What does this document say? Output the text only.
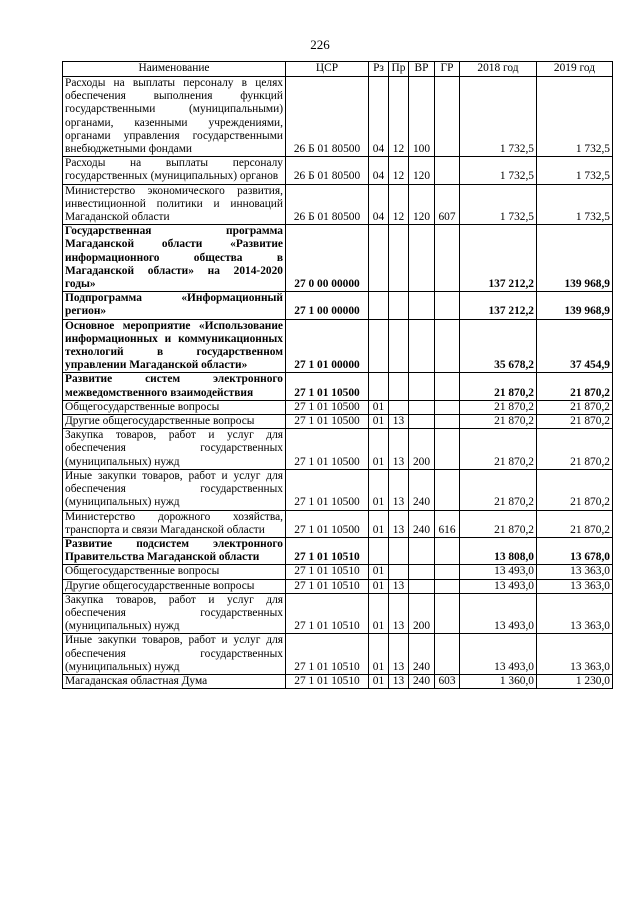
226
Наименование	ЦСР	Рз	Пр	ВР	ГР	2018 год	2019 год
Расходы на выплаты персоналу в целях обеспечения выполнения функций государственными (муниципальными) органами, казенными учреждениями, органами управления государственными внебюджетными фондами	26 Б 01 80500	04	12	100		1 732,5	1 732,5
Расходы на выплаты персоналу государственных (муниципальных) органов	26 Б 01 80500	04	12	120		1 732,5	1 732,5
Министерство экономического развития, инвестиционной политики и инноваций Магаданской области	26 Б 01 80500	04	12	120	607	1 732,5	1 732,5
Государственная программа Магаданской области «Развитие информационного общества в Магаданской области» на 2014-2020 годы»	27 0 00 00000					137 212,2	139 968,9
Подпрограмма «Информационный регион»	27 1 00 00000					137 212,2	139 968,9
Основное мероприятие «Использование информационных и коммуникационных технологий в государственном управлении Магаданской области»	27 1 01 00000					35 678,2	37 454,9
Развитие систем электронного межведомственного взаимодействия	27 1 01 10500					21 870,2	21 870,2
Общегосударственные вопросы	27 1 01 10500	01				21 870,2	21 870,2
Другие общегосударственные вопросы	27 1 01 10500	01	13			21 870,2	21 870,2
Закупка товаров, работ и услуг для обеспечения государственных (муниципальных) нужд	27 1 01 10500	01	13	200		21 870,2	21 870,2
Иные закупки товаров, работ и услуг для обеспечения государственных (муниципальных) нужд	27 1 01 10500	01	13	240		21 870,2	21 870,2
Министерство дорожного хозяйства, транспорта и связи Магаданской области	27 1 01 10500	01	13	240	616	21 870,2	21 870,2
Развитие подсистем электронного Правительства Магаданской области	27 1 01 10510					13 808,0	13 678,0
Общегосударственные вопросы	27 1 01 10510	01				13 493,0	13 363,0
Другие общегосударственные вопросы	27 1 01 10510	01	13			13 493,0	13 363,0
Закупка товаров, работ и услуг для обеспечения государственных (муниципальных) нужд	27 1 01 10510	01	13	200		13 493,0	13 363,0
Иные закупки товаров, работ и услуг для обеспечения государственных (муниципальных) нужд	27 1 01 10510	01	13	240		13 493,0	13 363,0
Магаданская областная Дума	27 1 01 10510	01	13	240	603	1 360,0	1 230,0
